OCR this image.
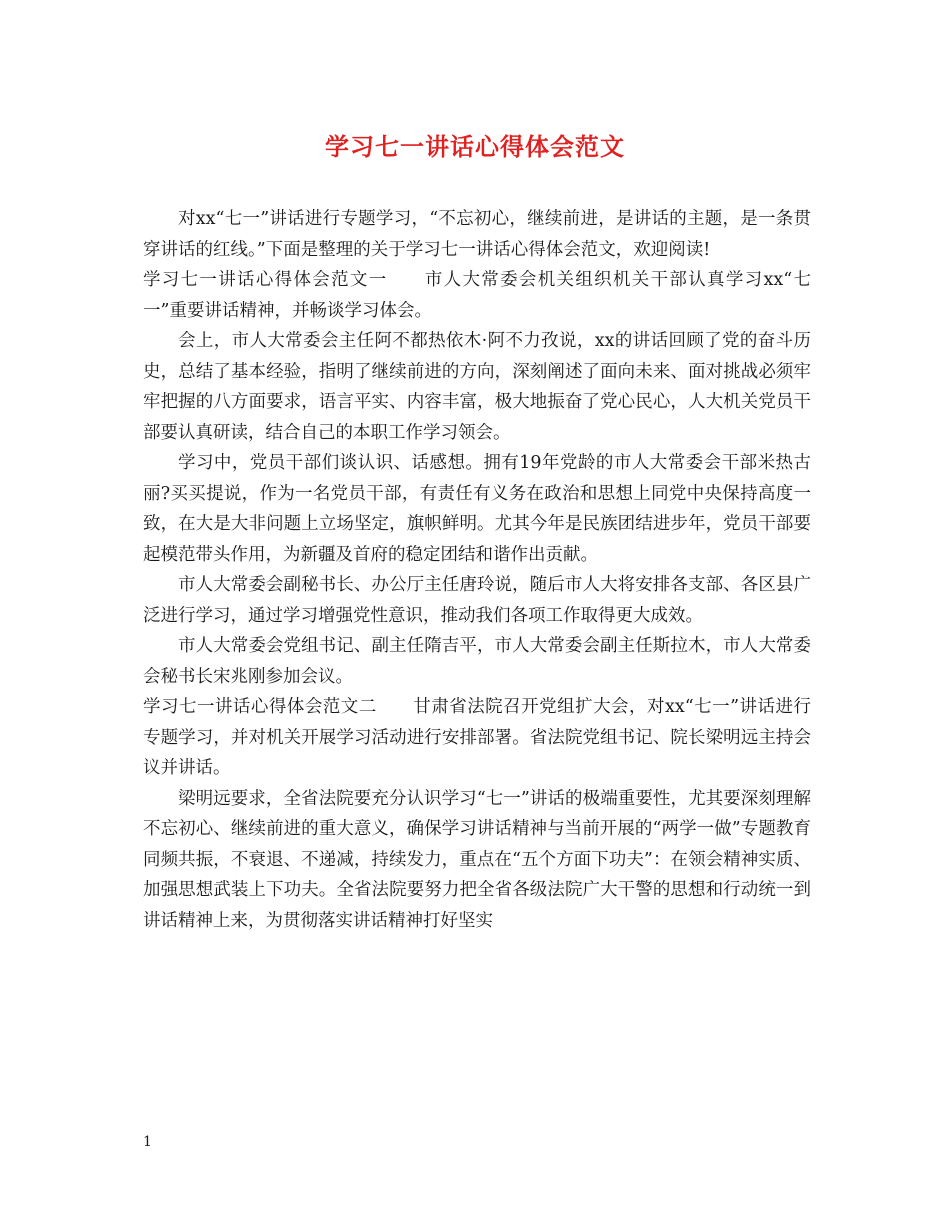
学习七一讲话心得体会范文

对xx“七一”讲话进行专题学习，“不忘初心，继续前进，是讲话的主题，是一条贯穿讲话的红线。”下面是整理的关于学习七一讲话心得体会范文，欢迎阅读!

学习七一讲话心得体会范文一 市人大常委会机关组织机关干部认真学习xx“七一”重要讲话精神，并畅谈学习体会。

会上，市人大常委会主任阿不都热依木·阿不力孜说，xx的讲话回顾了党的奋斗历史，总结了基本经验，指明了继续前进的方向，深刻阐述了面向未来、面对挑战必须牢牢把握的八方面要求，语言平实、内容丰富，极大地振奋了党心民心，人大机关党员干部要认真研读，结合自己的本职工作学习领会。

学习中，党员干部们谈认识、话感想。拥有19年党龄的市人大常委会干部米热古丽?买买提说，作为一名党员干部，有责任有义务在政治和思想上同党中央保持高度一致，在大是大非问题上立场坚定，旗帜鲜明。尤其今年是民族团结进步年，党员干部要起模范带头作用，为新疆及首府的稳定团结和谐作出贡献。

市人大常委会副秘书长、办公厅主任唐玲说，随后市人大将安排各支部、各区县广泛进行学习，通过学习增强党性意识，推动我们各项工作取得更大成效。

市人大常委会党组书记、副主任隋吉平，市人大常委会副主任斯拉木，市人大常委会秘书长宋兆刚参加会议。

学习七一讲话心得体会范文二 甘肃省法院召开党组扩大会，对xx“七一”讲话进行专题学习，并对机关开展学习活动进行安排部署。省法院党组书记、院长梁明远主持会议并讲话。

梁明远要求，全省法院要充分认识学习“七一”讲话的极端重要性，尤其要深刻理解不忘初心、继续前进的重大意义，确保学习讲话精神与当前开展的“两学一做”专题教育同频共振，不衰退、不递减，持续发力，重点在“五个方面下功夫”：在领会精神实质、加强思想武装上下功夫。全省法院要努力把全省各级法院广大干警的思想和行动统一到讲话精神上来，为贯彻落实讲话精神打好坚实

1
